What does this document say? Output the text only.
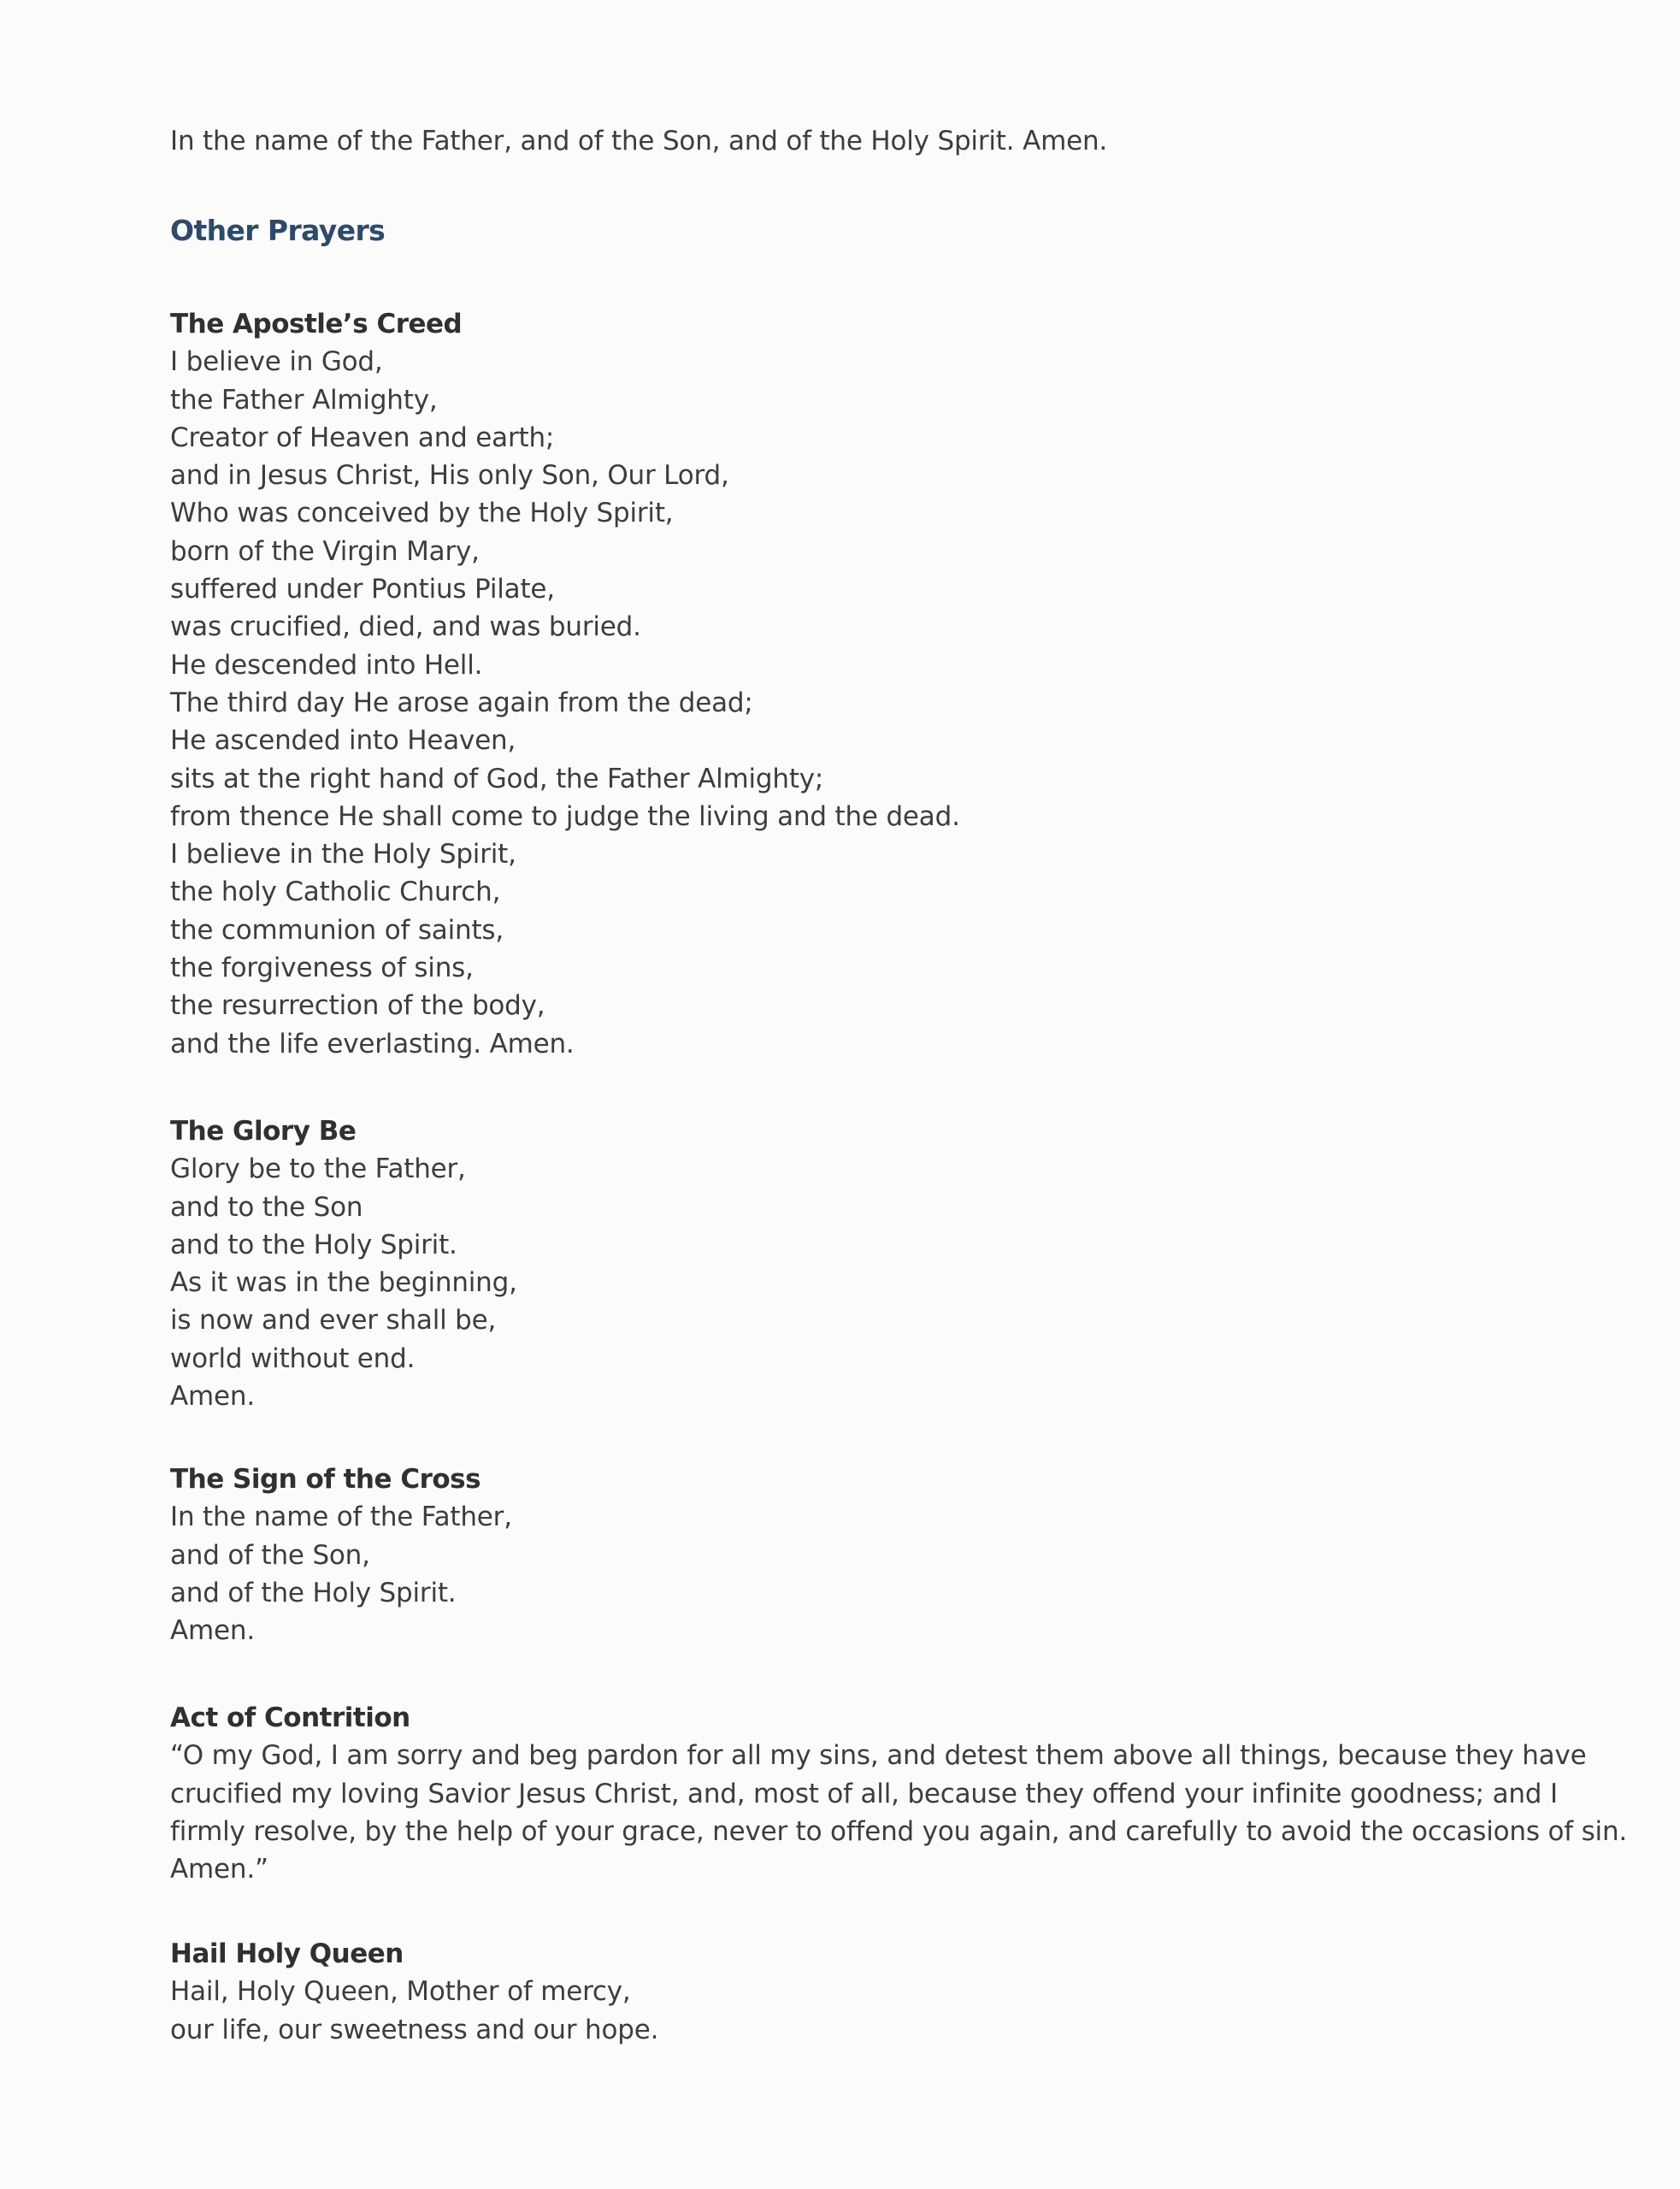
In the name of the Father, and of the Son, and of the Holy Spirit. Amen.
Other Prayers
The Apostle’s Creed
I believe in God,
the Father Almighty,
Creator of Heaven and earth;
and in Jesus Christ, His only Son, Our Lord,
Who was conceived by the Holy Spirit,
born of the Virgin Mary,
suffered under Pontius Pilate,
was crucified, died, and was buried.
He descended into Hell.
The third day He arose again from the dead;
He ascended into Heaven,
sits at the right hand of God, the Father Almighty;
from thence He shall come to judge the living and the dead.
I believe in the Holy Spirit,
the holy Catholic Church,
the communion of saints,
the forgiveness of sins,
the resurrection of the body,
and the life everlasting. Amen.
The Glory Be
Glory be to the Father,
and to the Son
and to the Holy Spirit.
As it was in the beginning,
is now and ever shall be,
world without end.
Amen.
The Sign of the Cross
In the name of the Father,
and of the Son,
and of the Holy Spirit.
Amen.
Act of Contrition
“O my God, I am sorry and beg pardon for all my sins, and detest them above all things, because they have
crucified my loving Savior Jesus Christ, and, most of all, because they offend your infinite goodness; and I
firmly resolve, by the help of your grace, never to offend you again, and carefully to avoid the occasions of sin.
Amen.”
Hail Holy Queen
Hail, Holy Queen, Mother of mercy,
our life, our sweetness and our hope.
